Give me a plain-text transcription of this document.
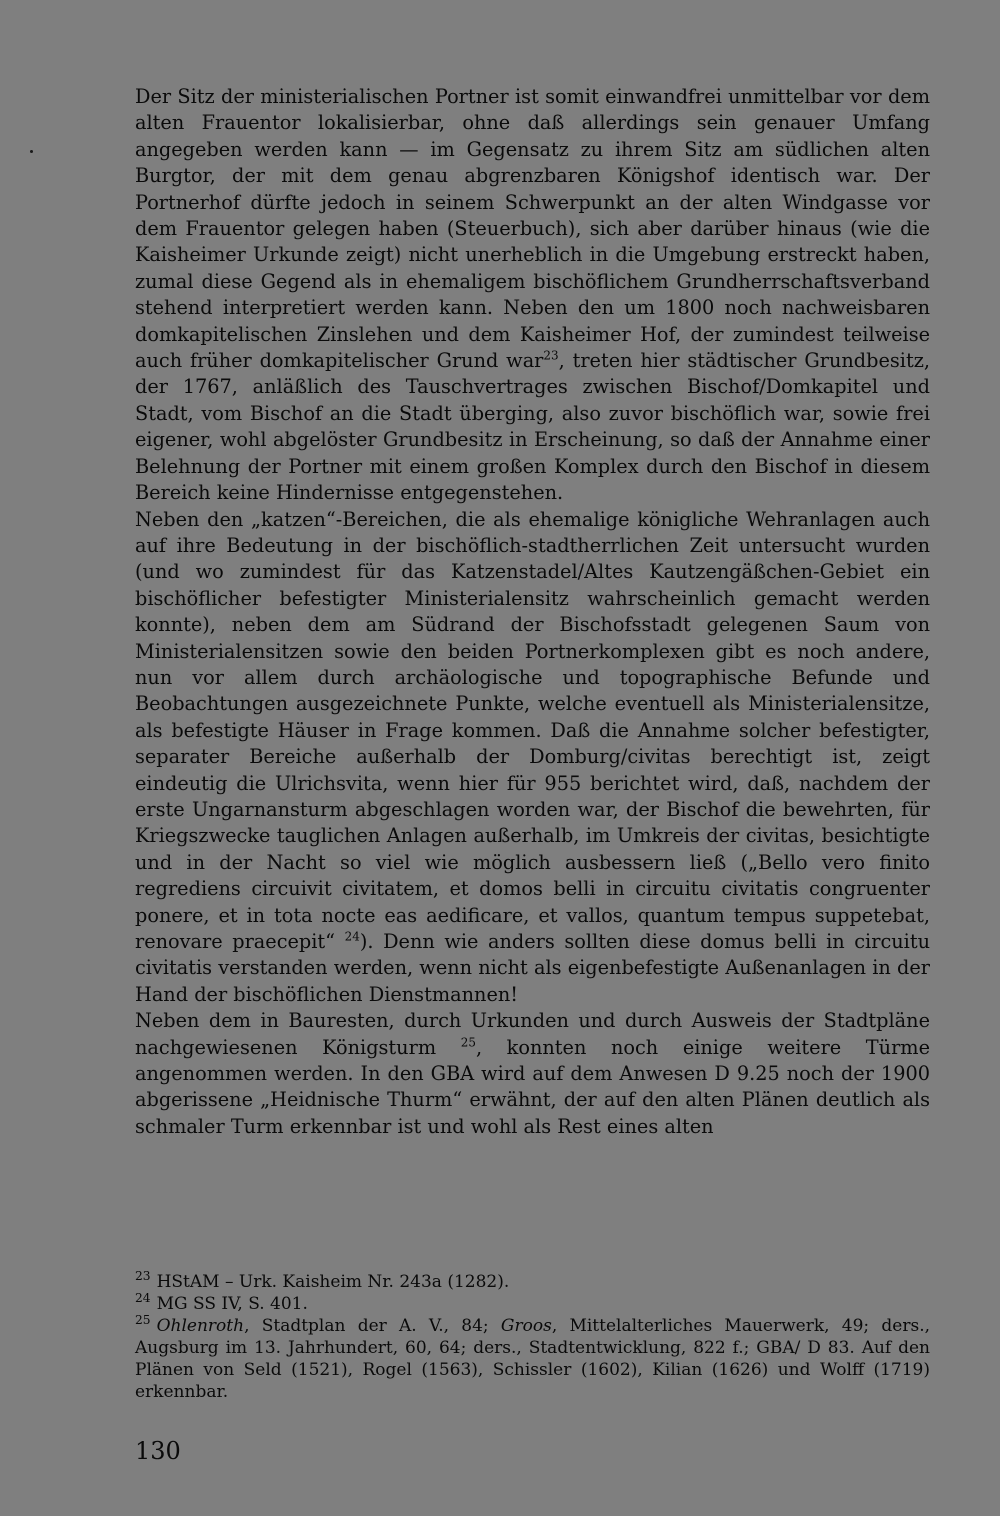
Der Sitz der ministerialischen Portner ist somit einwandfrei unmittelbar vor dem alten Frauentor lokalisierbar, ohne daß allerdings sein genauer Umfang angegeben werden kann — im Gegensatz zu ihrem Sitz am südlichen alten Burgtor, der mit dem genau abgrenzbaren Königshof identisch war. Der Portnerhof dürfte jedoch in seinem Schwerpunkt an der alten Windgasse vor dem Frauentor gelegen haben (Steuerbuch), sich aber darüber hinaus (wie die Kaisheimer Urkunde zeigt) nicht unerheblich in die Umgebung erstreckt haben, zumal diese Gegend als in ehemaligem bischöflichem Grundherrschaftsverband stehend interpretiert werden kann. Neben den um 1800 noch nachweisbaren domkapitelischen Zinslehen und dem Kaisheimer Hof, der zumindest teilweise auch früher domkapitelischer Grund war$^{23}$, treten hier städtischer Grundbesitz, der 1767, anläßlich des Tauschvertrages zwischen Bischof/Domkapitel und Stadt, vom Bischof an die Stadt überging, also zuvor bischöflich war, sowie frei eigener, wohl abgelöster Grundbesitz in Erscheinung, so daß der Annahme einer Belehnung der Portner mit einem großen Komplex durch den Bischof in diesem Bereich keine Hindernisse entgegenstehen.

Neben den „katzen“-Bereichen, die als ehemalige königliche Wehranlagen auch auf ihre Bedeutung in der bischöflich-stadtherrlichen Zeit untersucht wurden (und wo zumindest für das Katzenstadel/Altes Kautzengäßchen-Gebiet ein bischöflicher befestigter Ministerialensitz wahrscheinlich gemacht werden konnte), neben dem am Südrand der Bischofsstadt gelegenen Saum von Ministerialensitzen sowie den beiden Portnerkomplexen gibt es noch andere, nun vor allem durch archäologische und topographische Befunde und Beobachtungen ausgezeichnete Punkte, welche eventuell als Ministerialensitze, als befestigte Häuser in Frage kommen. Daß die Annahme solcher befestigter, separater Bereiche außerhalb der Domburg/civitas berechtigt ist, zeigt eindeutig die Ulrichsvita, wenn hier für 955 berichtet wird, daß, nachdem der erste Ungarnansturm abgeschlagen worden war, der Bischof die bewehrten, für Kriegszwecke tauglichen Anlagen außerhalb, im Umkreis der civitas, besichtigte und in der Nacht so viel wie möglich ausbessern ließ („Bello vero finito regrediens circuivit civitatem, et domos belli in circuitu civitatis congruenter ponere, et in tota nocte eas aedificare, et vallos, quantum tempus suppetebat, renovare praecepit“ $^{24}$). Denn wie anders sollten diese domus belli in circuitu civitatis verstanden werden, wenn nicht als eigenbefestigte Außenanlagen in der Hand der bischöflichen Dienstmannen!

Neben dem in Bauresten, durch Urkunden und durch Ausweis der Stadtpläne nachgewiesenen Königsturm $^{25}$, konnten noch einige weitere Türme angenommen werden. In den GBA wird auf dem Anwesen D 9.25 noch der 1900 abgerissene „Heidnische Thurm“ erwähnt, der auf den alten Plänen deutlich als schmaler Turm erkennbar ist und wohl als Rest eines alten

$^{23}$ HStAM – Urk. Kaisheim Nr. 243a (1282).
$^{24}$ MG SS IV, S. 401.
$^{25}$ Ohlenroth, Stadtplan der A. V., 84; Groos, Mittelalterliches Mauerwerk, 49; ders., Augsburg im 13. Jahrhundert, 60, 64; ders., Stadtentwicklung, 822 f.; GBA/ D 83. Auf den Plänen von Seld (1521), Rogel (1563), Schissler (1602), Kilian (1626) und Wolff (1719) erkennbar.
130
